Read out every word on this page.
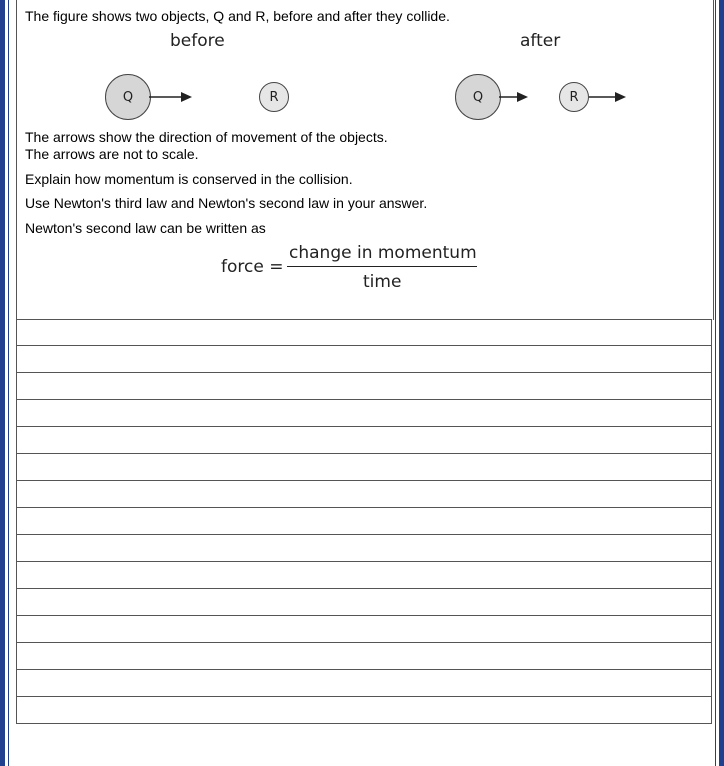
The figure shows two objects, Q and R, before and after they collide.
before	after
Q	R	Q	R
The arrows show the direction of movement of the objects.
The arrows are not to scale.
Explain how momentum is conserved in the collision.
Use Newton's third law and Newton's second law in your answer.
Newton's second law can be written as
force =
change in momentum
time
